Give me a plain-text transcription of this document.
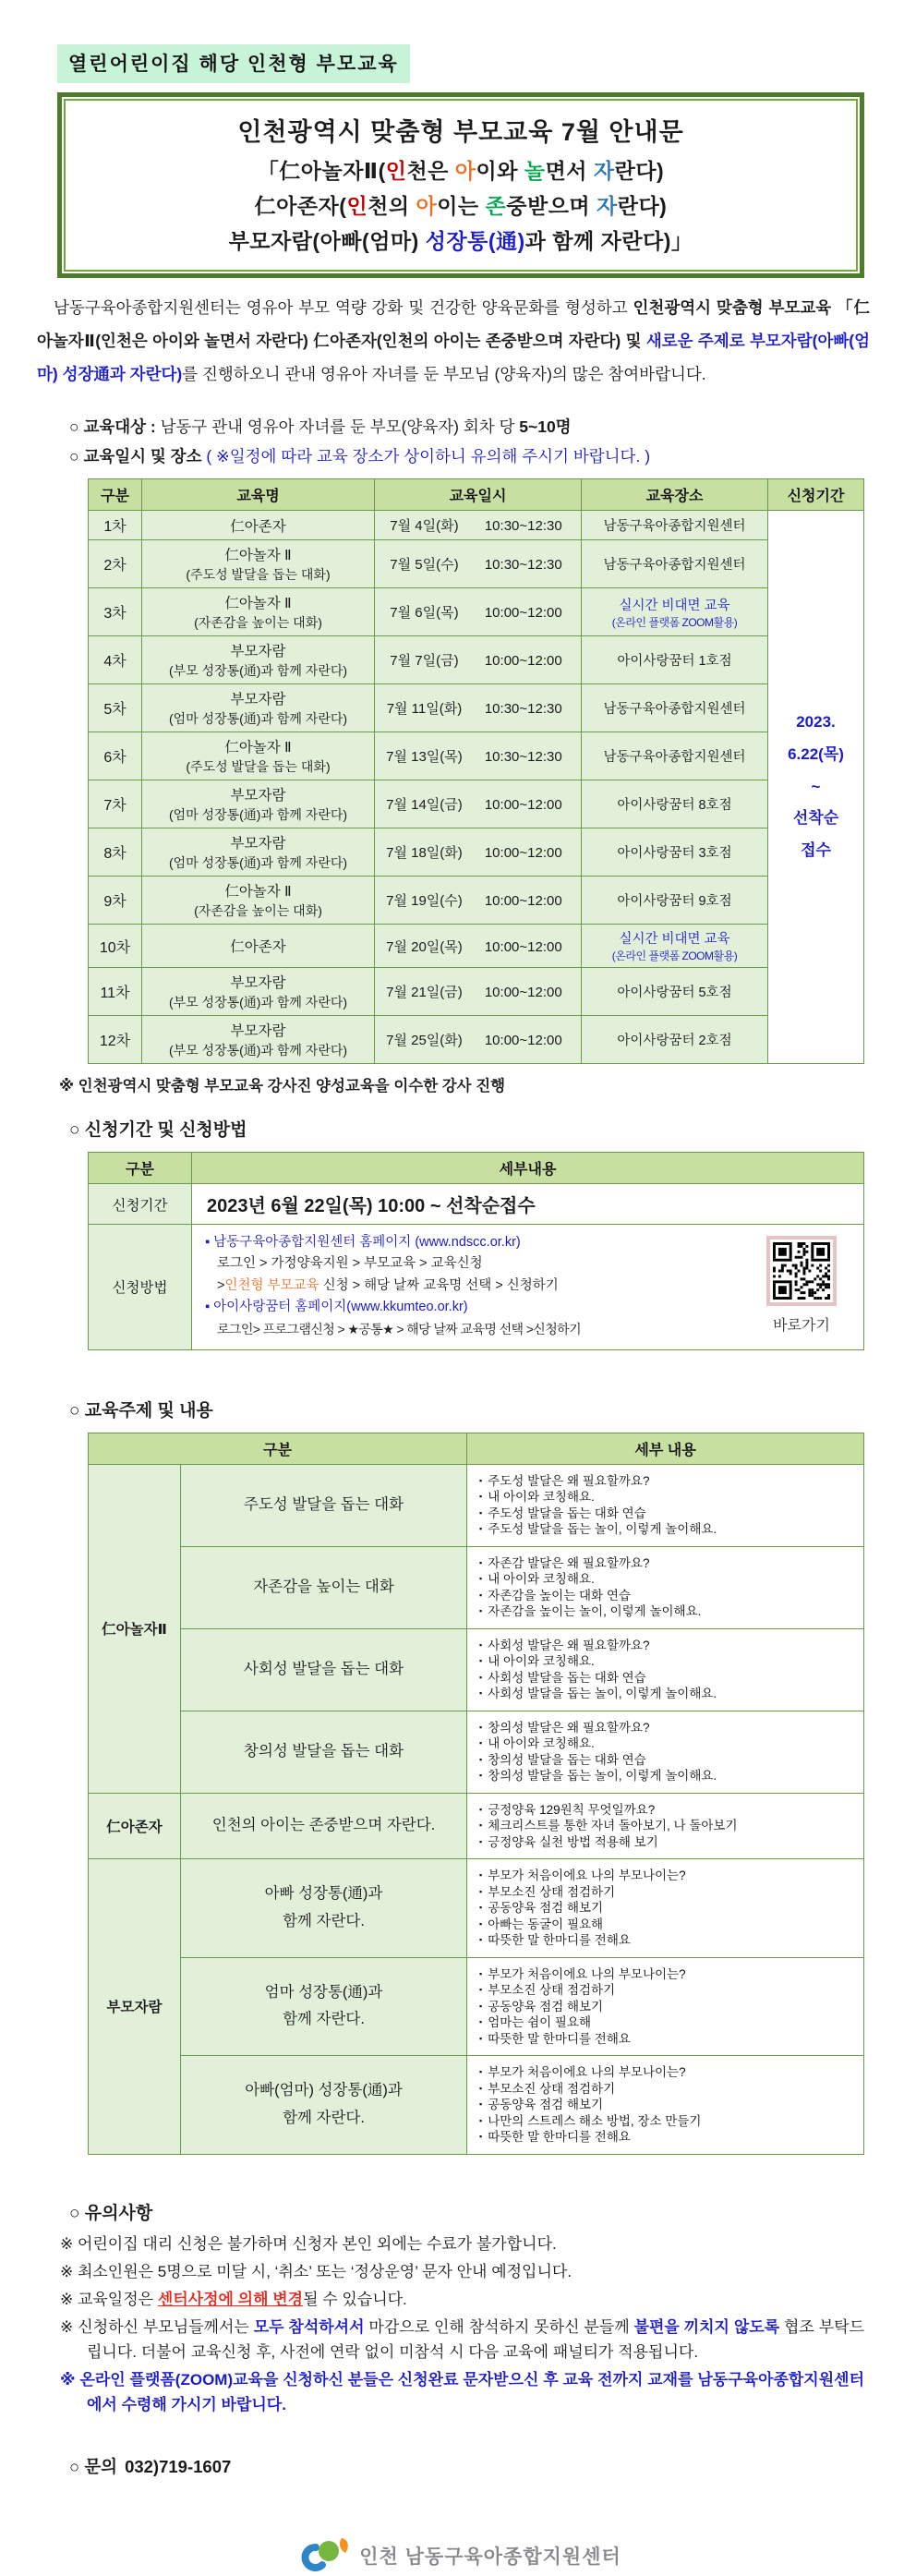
열린어린이집 해당 인천형 부모교육
인천광역시 맞춤형 부모교육 7월 안내문
「仁아놀자Ⅱ(인천은 아이와 놀면서 자란다)
仁아존자(인천의 아이는 존중받으며 자란다)
부모자람(아빠(엄마) 성장통(通)과 함께 자란다)」
남동구육아종합지원센터는 영유아 부모 역량 강화 및 건강한 양육문화를 형성하고 인천광역시 맞춤형 부모교육 「仁아놀자Ⅱ(인천은 아이와 놀면서 자란다) 仁아존자(인천의 아이는 존중받으며 자란다) 및 새로운 주제로 부모자람(아빠(엄마) 성장通과 자란다)를 진행하오니 관내 영유아 자녀를 둔 부모님 (양육자)의 많은 참여바랍니다.
○ 교육대상 : 남동구 관내 영유아 자녀를 둔 부모(양육자) 회차 당 5~10명
○ 교육일시 및 장소 ( ※일정에 따라 교육 장소가 상이하니 유의해 주시기 바랍니다. )
구분	교육명	교육일시	교육장소	신청기간
1차	仁아존자	7월 4일(화) 10:30~12:30	남동구육아종합지원센터	2023.
6.22(목)
~
선착순
접수

2차	仁아놀자 Ⅱ
(주도성 발달을 돕는 대화)	7월 5일(수) 10:30~12:30	남동구육아종합지원센터	

3차	
仁아놀자 Ⅱ
(자존감을 높이는 대화)
	7월 6일(목) 10:00~12:00	실시간 비대면 교육
(온라인 플랫폼 ZOOM활용)

4차	부모자람
(부모 성장통(通)과 함께 자란다)	7월 7일(금) 10:00~12:00	아이사랑꿈터 1호점	

5차	부모자람
(엄마 성장통(通)과 함께 자란다)	7월 11일(화) 10:30~12:30	남동구육아종합지원센터	

6차	仁아놀자 Ⅱ
(주도성 발달을 돕는 대화)	7월 13일(목) 10:30~12:30	남동구육아종합지원센터	

7차	부모자람
(엄마 성장통(通)과 함께 자란다)	7월 14일(금) 10:00~12:00	아이사랑꿈터 8호점	

8차	부모자람
(엄마 성장통(通)과 함께 자란다)	7월 18일(화) 10:00~12:00	아이사랑꿈터 3호점	

9차	仁아놀자 Ⅱ
(자존감을 높이는 대화)	7월 19일(수) 10:00~12:00	아이사랑꿈터 9호점	

10차	仁아존자	7월 20일(목) 10:00~12:00	실시간 비대면 교육
(온라인 플랫폼 ZOOM활용)	

11차	부모자람
(부모 성장통(通)과 함께 자란다)	7월 21일(금) 10:00~12:00	아이사랑꿈터 5호점	

12차	부모자람
(부모 성장통(通)과 함께 자란다)	7월 25일(화) 10:00~12:00	아이사랑꿈터 2호점	
※ 인천광역시 맞춤형 부모교육 강사진 양성교육을 이수한 강사 진행
○ 신청기간 및 신청방법
구분	세부내용
신청기간	2023년 6월 22일(목) 10:00 ~ 선착순접수
신청방법	
▪ 남동구육아종합지원센터 홈페이지 (www.ndscc.or.kr)
로그인 > 가정양육지원 > 부모교육 > 교육신청
>인천형 부모교육 신청 > 해당 날짜 교육명 선택 > 신청하기
▪ 아이사랑꿈터 홈페이지(www.kkumteo.or.kr)
로그인> 프로그램신청 > ★공통★ > 해당 날짜 교육명 선택 >신청하기	바로가기
○ 교육주제 및 내용
구분		세부 내용
仁아놀자Ⅱ	
주도성 발달을 돕는 대화

▪ 주도성 발달은 왜 필요할까요?
▪ 내 아이와 코칭해요.
▪ 주도성 발달을 돕는 대화 연습
▪ 주도성 발달을 돕는 놀이, 이렇게 놀이해요.

자존감을 높이는 대화

▪ 자존감 발달은 왜 필요할까요?
▪ 내 아이와 코칭해요.
▪ 자존감을 높이는 대화 연습
▪ 자존감을 높이는 놀이, 이렇게 놀이해요.

사회성 발달을 돕는 대화

▪ 사회성 발달은 왜 필요할까요?
▪ 내 아이와 코칭해요.
▪ 사회성 발달을 돕는 대화 연습
▪ 사회성 발달을 돕는 놀이, 이렇게 놀이해요.

창의성 발달을 돕는 대화

▪ 창의성 발달은 왜 필요할까요?
▪ 내 아이와 코칭해요.
▪ 창의성 발달을 돕는 대화 연습
▪ 창의성 발달을 돕는 놀이, 이렇게 놀이해요.

仁아존자	인천의 아이는 존중받으며 자란다.

▪ 긍정양육 129원칙 무엇일까요?
▪ 체크리스트를 통한 자녀 돌아보기, 나 돌아보기
▪ 긍정양육 실천 방법 적용해 보기

부모자람	
아빠 성장통(通)과
함께 자란다.

▪ 부모가 처음이에요 나의 부모나이는?
▪ 부모소진 상태 점검하기
▪ 공동양육 점검 해보기
▪ 아빠는 동굴이 필요해
▪ 따뜻한 말 한마디를 전해요

엄마 성장통(通)과
함께 자란다.

▪ 부모가 처음이에요 나의 부모나이는?
▪ 부모소진 상태 점검하기
▪ 공동양육 점검 해보기
▪ 엄마는 쉼이 필요해
▪ 따뜻한 말 한마디를 전해요

아빠(엄마) 성장통(通)과
함께 자란다.

▪ 부모가 처음이에요 나의 부모나이는?
▪ 부모소진 상태 점검하기
▪ 공동양육 점검 해보기
▪ 나만의 스트레스 해소 방법, 장소 만들기
▪ 따뜻한 말 한마디를 전해요
○ 유의사항
※ 어린이집 대리 신청은 불가하며 신청자 본인 외에는 수료가 불가합니다.
※ 최소인원은 5명으로 미달 시, ‘취소’ 또는 ‘정상운영’ 문자 안내 예정입니다.
※ 교육일정은 센터사정에 의해 변경될 수 있습니다.
※ 신청하신 부모님들께서는 모두 참석하셔서 마감으로 인해 참석하지 못하신 분들께 불편을 끼치지 않도록 협조 부탁드립니다. 더불어 교육신청 후, 사전에 연락 없이 미참석 시 다음 교육에 패널티가 적용됩니다.
※ 온라인 플랫폼(ZOOM)교육을 신청하신 분들은 신청완료 문자받으신 후 교육 전까지 교재를 남동구육아종합지원센터에서 수령해 가시기 바랍니다.
○ 문의 032)719-1607
인천 남동구육아종합지원센터
